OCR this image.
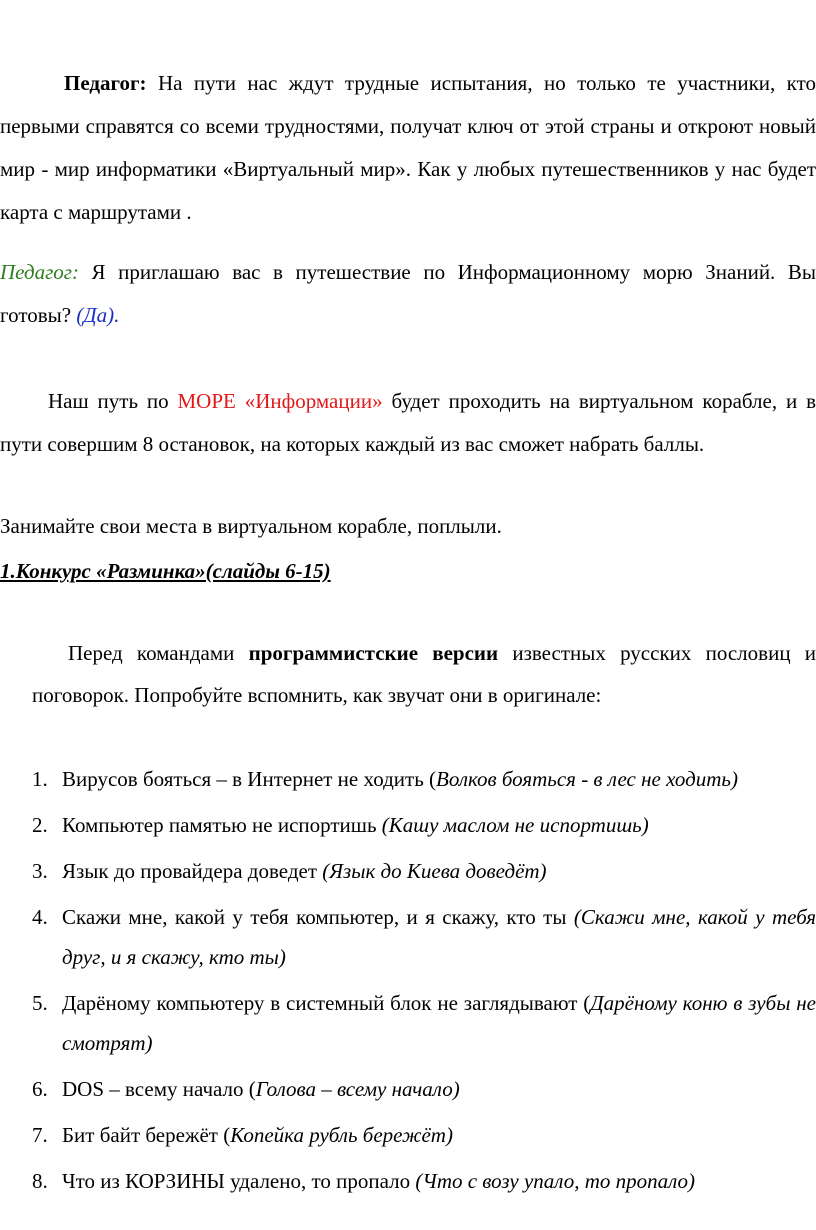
Педагог: На пути нас ждут трудные испытания, но только те участники, кто первыми справятся со всеми трудностями, получат ключ от этой страны и откроют новый мир - мир информатики «Виртуальный мир». Как у любых путешественников у нас будет карта с маршрутами .

Педагог: Я приглашаю вас в путешествие по Информационному морю Знаний. Вы готовы? (Да).

Наш путь по МОРЕ «Информации» будет проходить на виртуальном корабле, и в пути совершим 8 остановок, на которых каждый из вас сможет набрать баллы.

Занимайте свои места в виртуальном корабле, поплыли.

1.Конкурс «Разминка»(слайды 6-15)

Перед командами программистские версии известных русских пословиц и поговорок. Попробуйте вспомнить, как звучат они в оригинале:

1. Вирусов бояться – в Интернет не ходить (Волков бояться - в лес не ходить)
2. Компьютер памятью не испортишь (Кашу маслом не испортишь)
3. Язык до провайдера доведет (Язык до Киева доведёт)
4. Скажи мне, какой у тебя компьютер, и я скажу, кто ты (Скажи мне, какой у тебя друг, и я скажу, кто ты)
5. Дарёному компьютеру в системный блок не заглядывают (Дарёному коню в зубы не смотрят)
6. DOS – всему начало (Голова – всему начало)
7. Бит байт бережёт (Копейка рубль бережёт)
8. Что из КОРЗИНЫ удалено, то пропало (Что с возу упало, то пропало)
